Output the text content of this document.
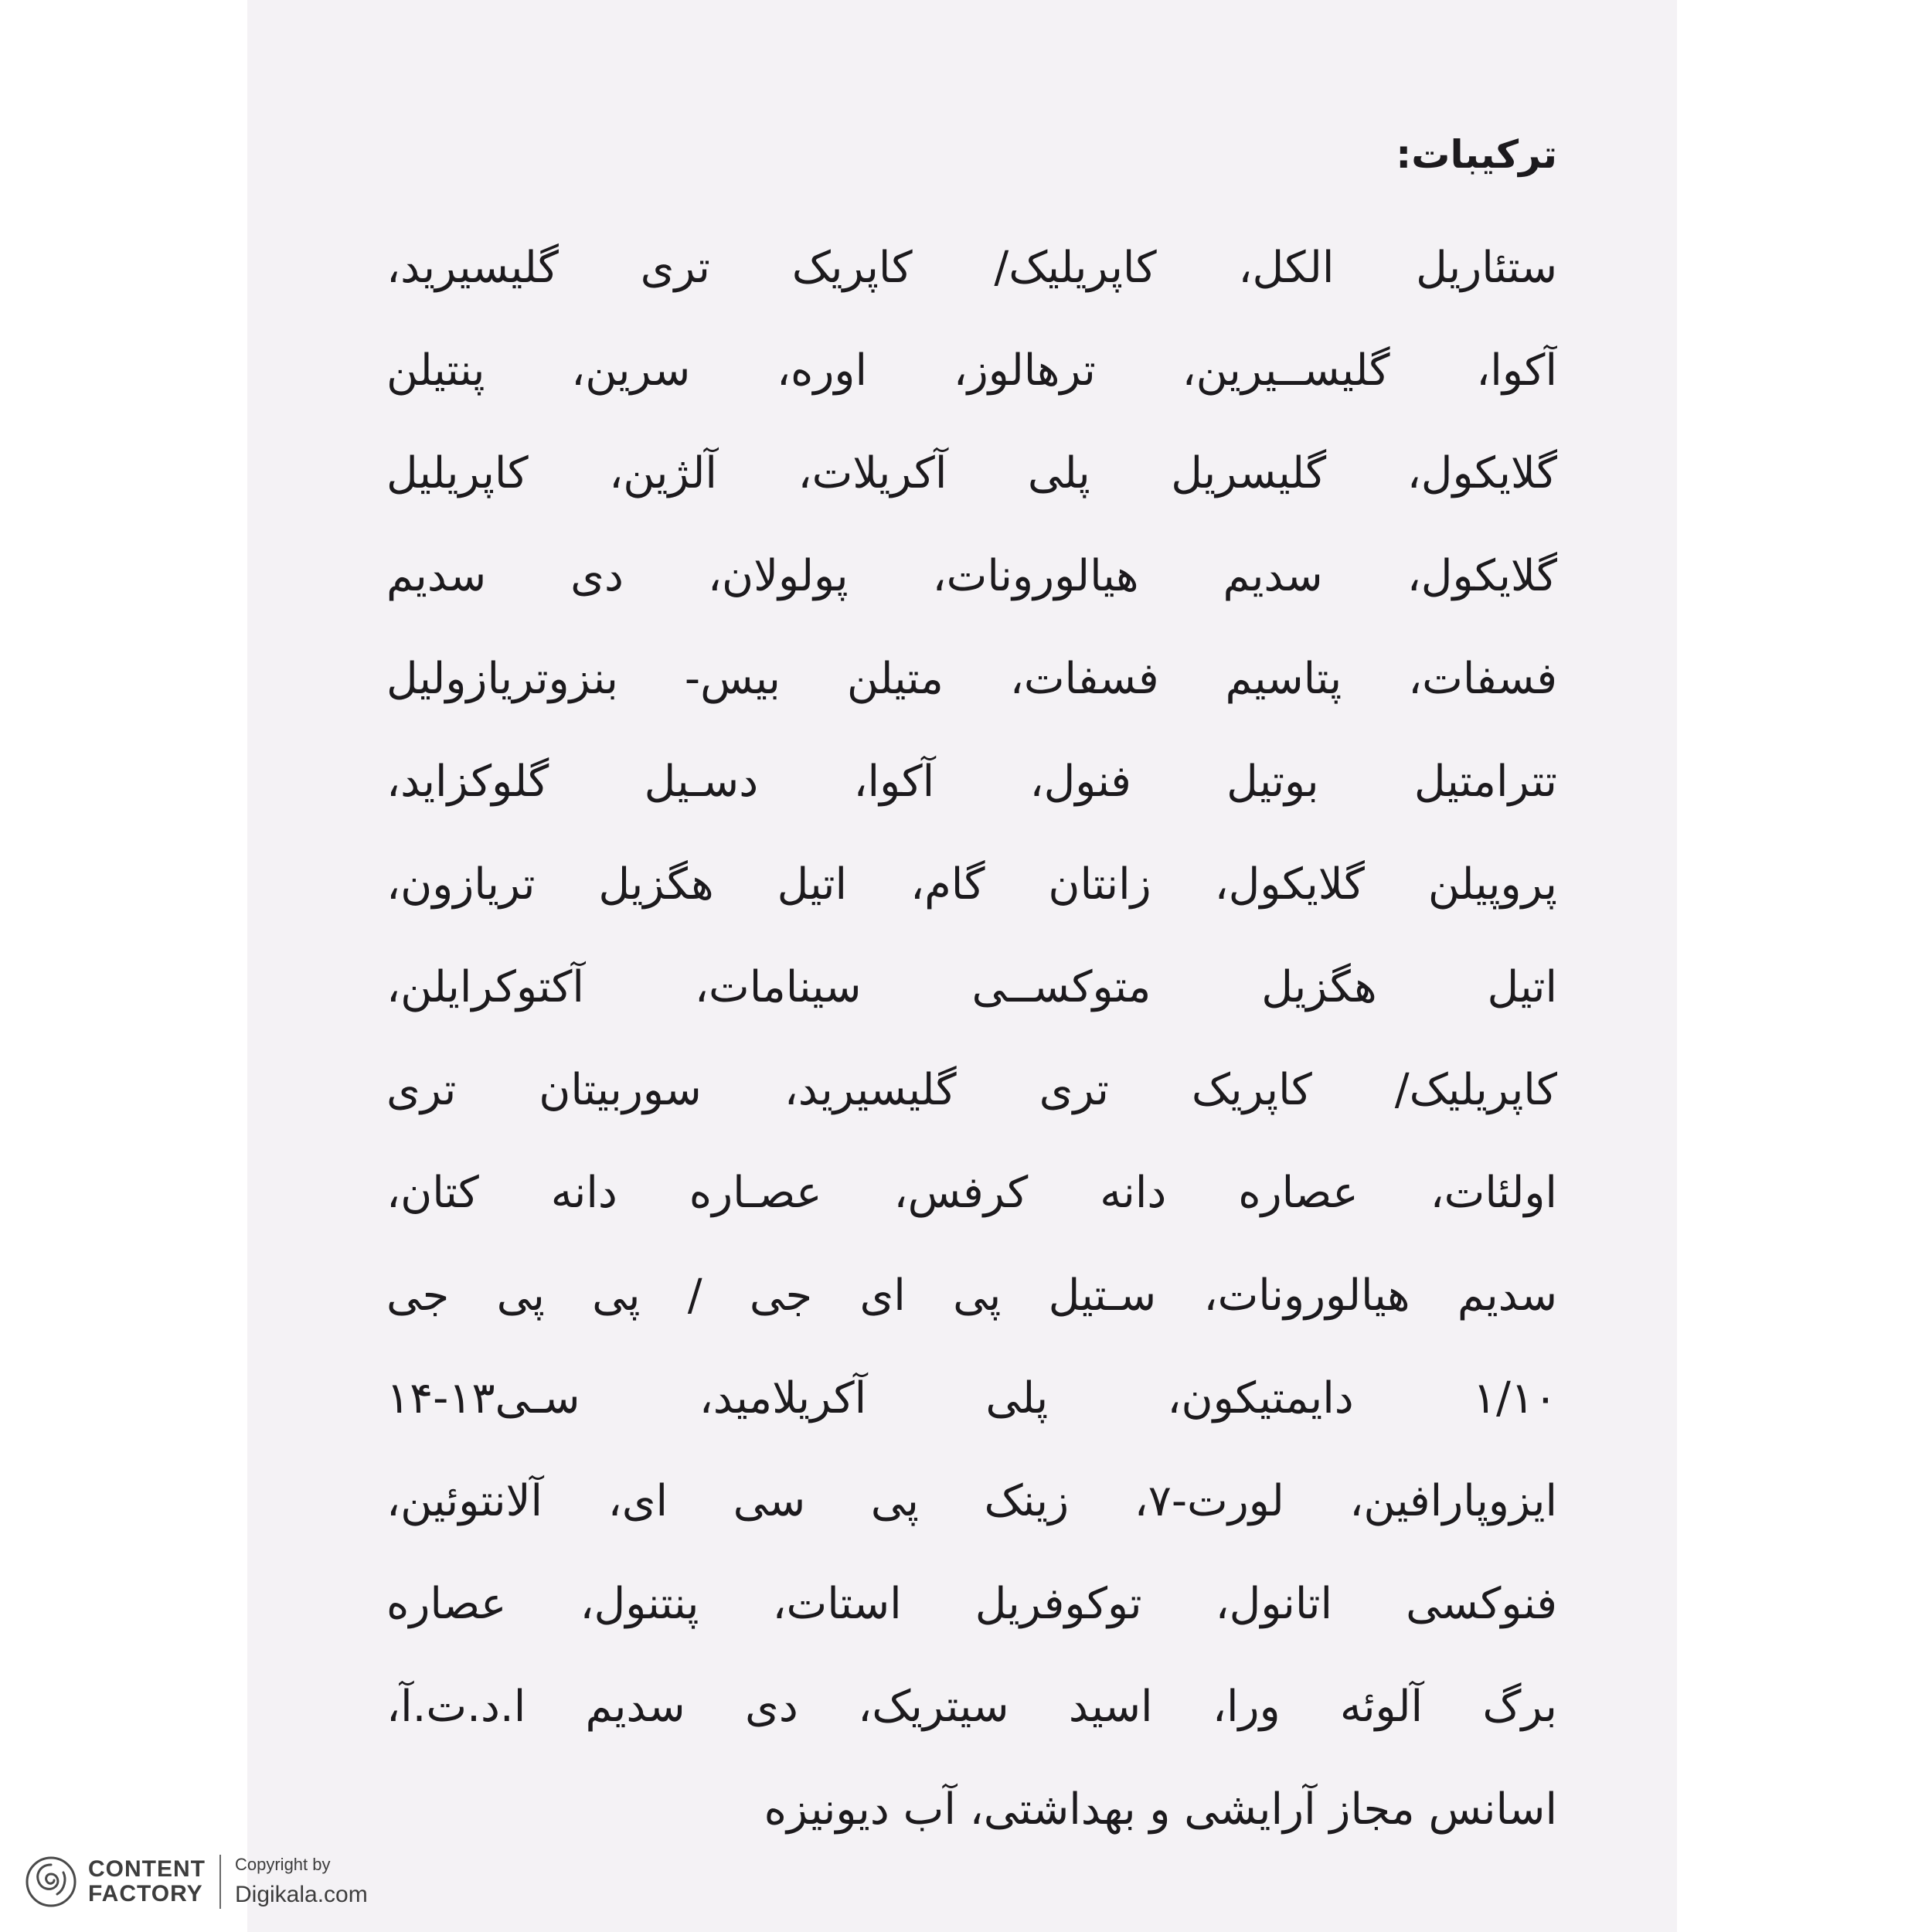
ترکیبات:
ستئاریل الکل، کاپریلیک/ کاپریک تری گلیسیرید،
آکوا، گلیســیرین، ترهالوز، اوره، سرین، پنتیلن
گلایکول، گلیسریل پلی آکریلات، آلژین، کاپریلیل
گلایکول، سدیم هیالورونات، پولولان، دی سدیم
فسفات، پتاسیم فسفات، متیلن بیس- بنزوتریازولیل
تترامتیل بوتیل فنول، آکوا، دسـیل گلوکزاید،
پروپیلن گلایکول، زانتان گام، اتیل هگزیل تریازون،
اتیل هگزیل متوکســی سینامات، آکتوکرایلن،
کاپریلیک/ کاپریک تری گلیسیرید، سوربیتان تری
اولئات، عصاره دانه کرفس، عصـاره دانه کتان،
سدیم هیالورونات، سـتیل پی ای جی / پی پی جی
۱/۱۰ دایمتیکون، پلی آکریلامید، سـی۱۳-۱۴
ایزوپارافین، لورت-۷، زینک پی سی ای، آلانتوئین،
فنوکسی اتانول، توکوفریل استات، پنتنول، عصاره
برگ آلوئه ورا، اسید سیتریک، دی سدیم ا.د.ت.آ،
اسانس مجاز آرایشی و بهداشتی، آب دیونیزه
CONTENT
FACTORY
Copyright by
Digikala.com
